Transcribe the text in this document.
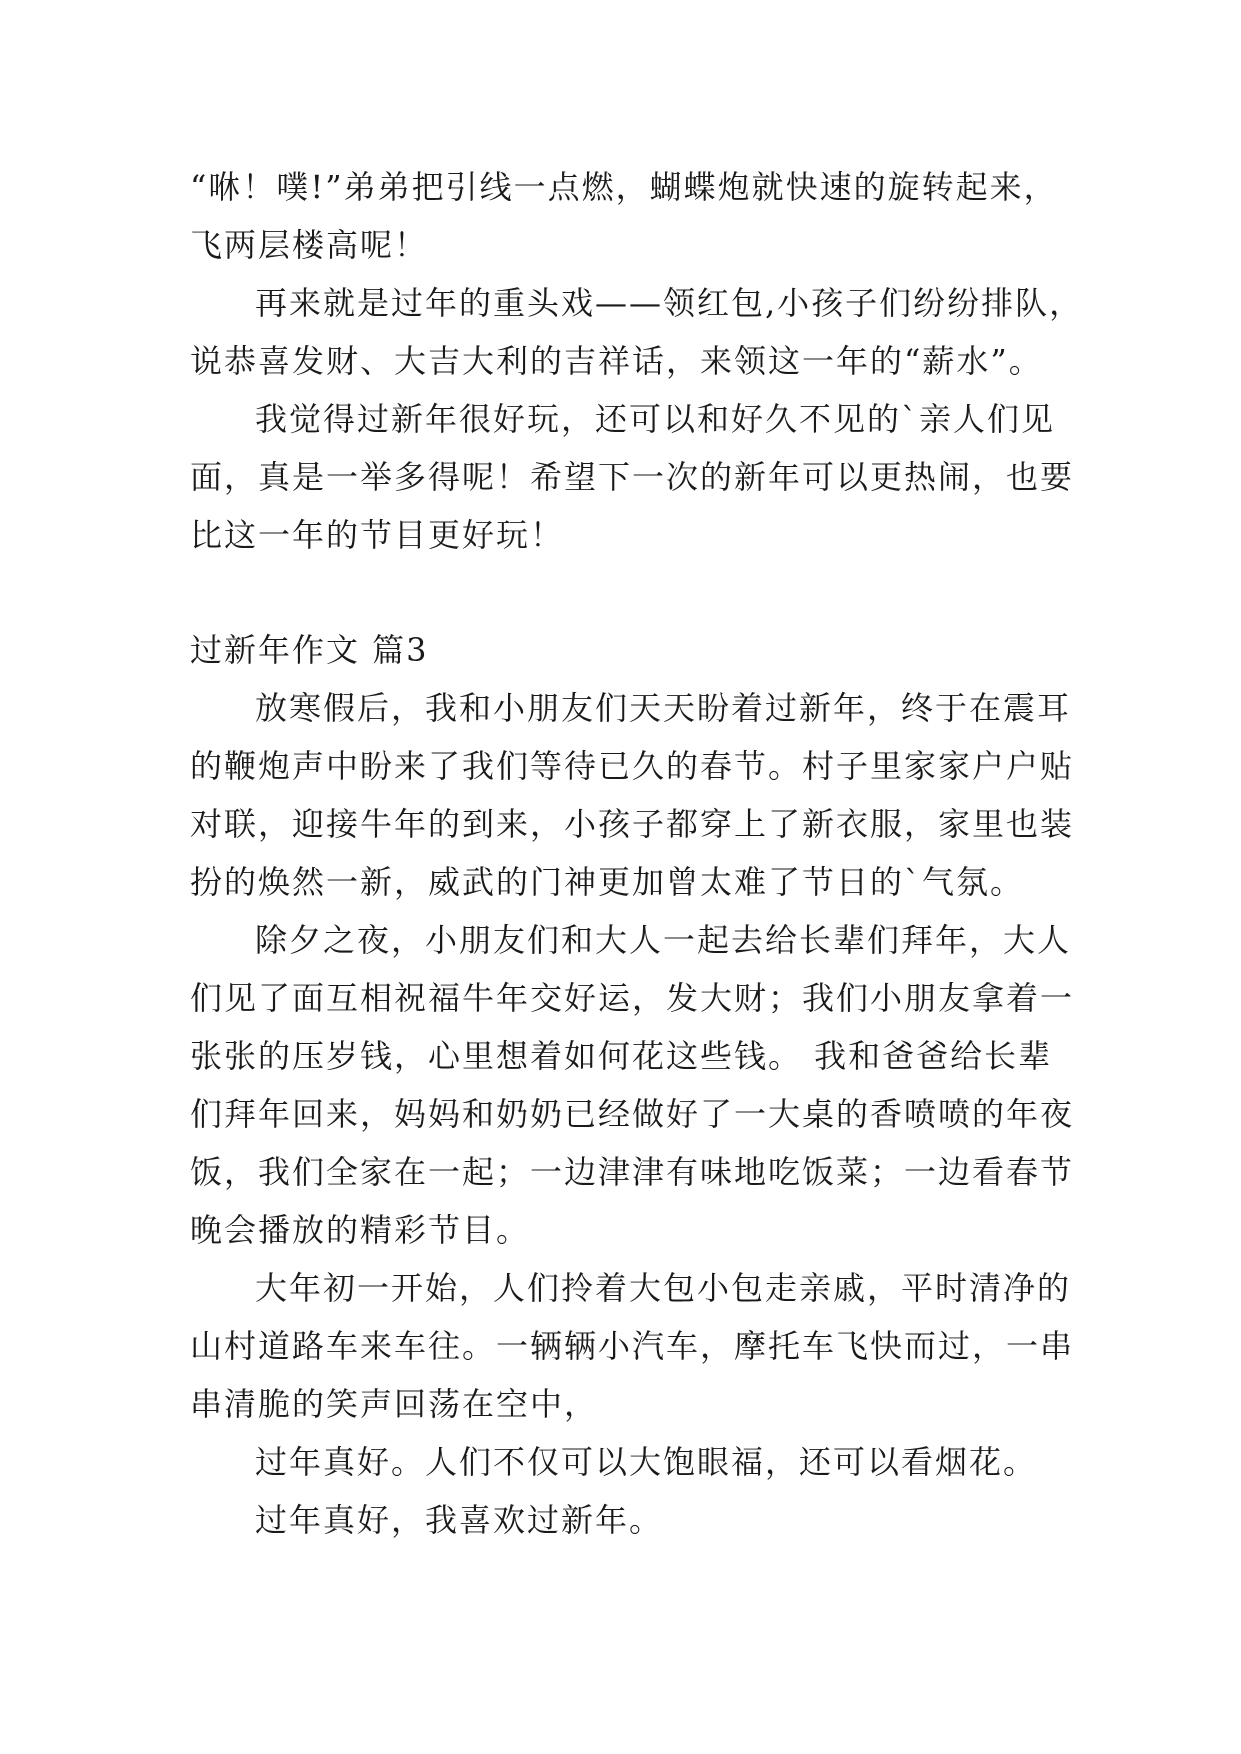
“咻！噗!”弟弟把引线一点燃，蝴蝶炮就快速的旋转起来，
飞两层楼高呢！
再来就是过年的重头戏——领红包,小孩子们纷纷排队，
说恭喜发财、大吉大利的吉祥话，来领这一年的“薪水”。
我觉得过新年很好玩，还可以和好久不见的`亲人们见
面，真是一举多得呢！希望下一次的新年可以更热闹，也要
比这一年的节目更好玩！
过新年作文 篇3
放寒假后，我和小朋友们天天盼着过新年，终于在震耳
的鞭炮声中盼来了我们等待已久的春节。村子里家家户户贴
对联，迎接牛年的到来，小孩子都穿上了新衣服，家里也装
扮的焕然一新，威武的门神更加曾太难了节日的`气氛。
除夕之夜，小朋友们和大人一起去给长辈们拜年，大人
们见了面互相祝福牛年交好运，发大财；我们小朋友拿着一
张张的压岁钱，心里想着如何花这些钱。 我和爸爸给长辈
们拜年回来，妈妈和奶奶已经做好了一大桌的香喷喷的年夜
饭，我们全家在一起；一边津津有味地吃饭菜；一边看春节
晚会播放的精彩节目。
大年初一开始，人们拎着大包小包走亲戚，平时清净的
山村道路车来车往。一辆辆小汽车，摩托车飞快而过，一串
串清脆的笑声回荡在空中，
过年真好。人们不仅可以大饱眼福，还可以看烟花。
过年真好，我喜欢过新年。
